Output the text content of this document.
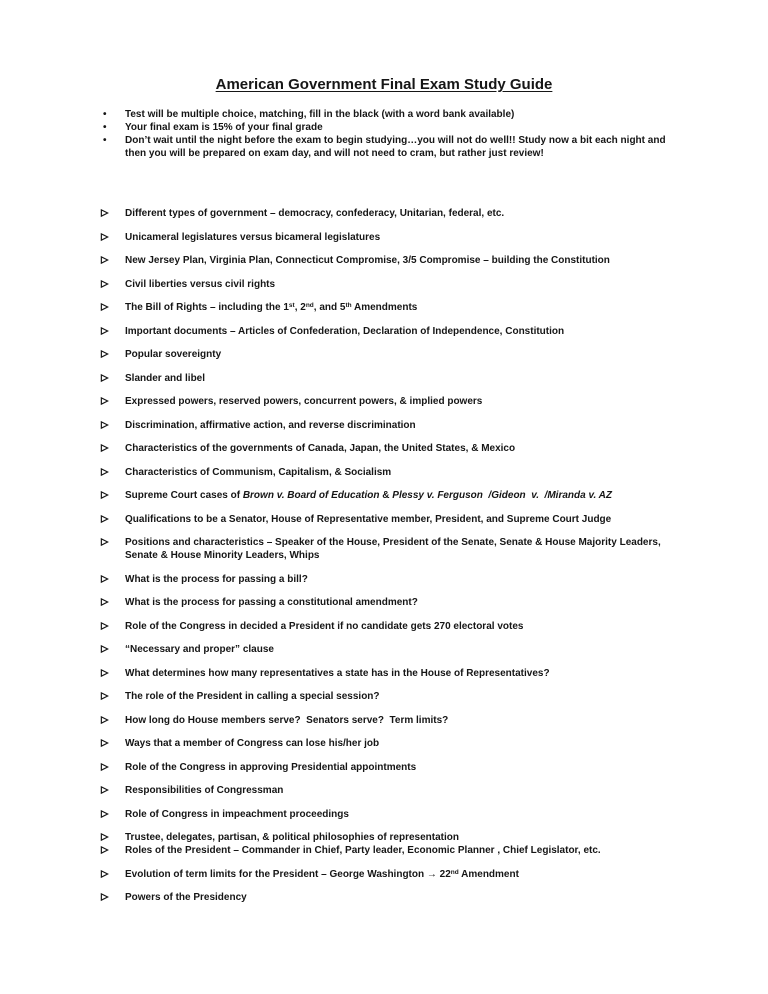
American Government Final Exam Study Guide
•	Test will be multiple choice, matching, fill in the black (with a word bank available)
•	Your final exam is 15% of your final grade
•	Don’t wait until the night before the exam to begin studying…you will not do well!! Study now a bit each night and then you will be prepared on exam day, and will not need to cram, but rather just review!
Different types of government – democracy, confederacy, Unitarian, federal, etc.
Unicameral legislatures versus bicameral legislatures
New Jersey Plan, Virginia Plan, Connecticut Compromise, 3/5 Compromise – building the Constitution
Civil liberties versus civil rights
The Bill of Rights – including the 1st, 2nd, and 5th Amendments
Important documents – Articles of Confederation, Declaration of Independence, Constitution
Popular sovereignty
Slander and libel
Expressed powers, reserved powers, concurrent powers, & implied powers
Discrimination, affirmative action, and reverse discrimination
Characteristics of the governments of Canada, Japan, the United States, & Mexico
Characteristics of Communism, Capitalism, & Socialism
Supreme Court cases of Brown v. Board of Education & Plessy v. Ferguson  /Gideon  v.  /Miranda v. AZ
Qualifications to be a Senator, House of Representative member, President, and Supreme Court Judge
Positions and characteristics – Speaker of the House, President of the Senate, Senate & House Majority Leaders, Senate & House Minority Leaders, Whips
What is the process for passing a bill?
What is the process for passing a constitutional amendment?
Role of the Congress in decided a President if no candidate gets 270 electoral votes
“Necessary and proper” clause
What determines how many representatives a state has in the House of Representatives?
The role of the President in calling a special session?
How long do House members serve?  Senators serve?  Term limits?
Ways that a member of Congress can lose his/her job
Role of the Congress in approving Presidential appointments
Responsibilities of Congressman
Role of Congress in impeachment proceedings
Trustee, delegates, partisan, & political philosophies of representation
Roles of the President – Commander in Chief, Party leader, Economic Planner , Chief Legislator, etc.
Evolution of term limits for the President – George Washington → 22nd Amendment
Powers of the Presidency
